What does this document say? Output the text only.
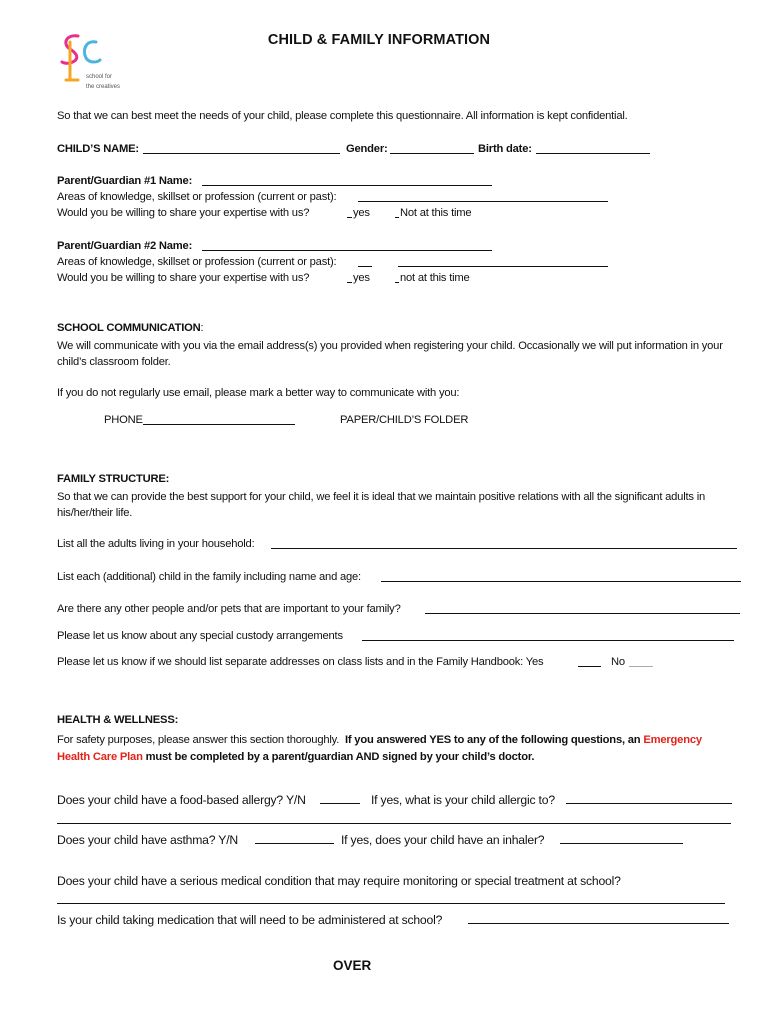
school for
the creatives
CHILD & FAMILY INFORMATION
So that we can best meet the needs of your child, please complete this questionnaire. All information is kept confidential.
CHILD’S NAME:	Gender:	Birth date:
Parent/Guardian #1 Name:
Areas of knowledge, skillset or profession (current or past):
Would you be willing to share your expertise with us?	yes	Not at this time
Parent/Guardian #2 Name:
Areas of knowledge, skillset or profession (current or past):
Would you be willing to share your expertise with us?	yes	not at this time
SCHOOL COMMUNICATION:
We will communicate with you via the email address(s) you provided when registering your child. Occasionally we will put information in your child’s classroom folder.
If you do not regularly use email, please mark a better way to communicate with you:
PHONE	PAPER/CHILD’S FOLDER
FAMILY STRUCTURE:
So that we can provide the best support for your child, we feel it is ideal that we maintain positive relations with all the significant adults in his/her/their life.
List all the adults living in your household:
List each (additional) child in the family including name and age:
Are there any other people and/or pets that are important to your family?
Please let us know about any special custody arrangements
Please let us know if we should list separate addresses on class lists and in the Family Handbook: Yes	No
HEALTH & WELLNESS:
For safety purposes, please answer this section thoroughly. If you answered YES to any of the following questions, an Emergency
Health Care Plan must be completed by a parent/guardian AND signed by your child’s doctor.
Does your child have a food-based allergy? Y/N	If yes, what is your child allergic to?
Does your child have asthma? Y/N	If yes, does your child have an inhaler?
Does your child have a serious medical condition that may require monitoring or special treatment at school?
Is your child taking medication that will need to be administered at school?
OVER
